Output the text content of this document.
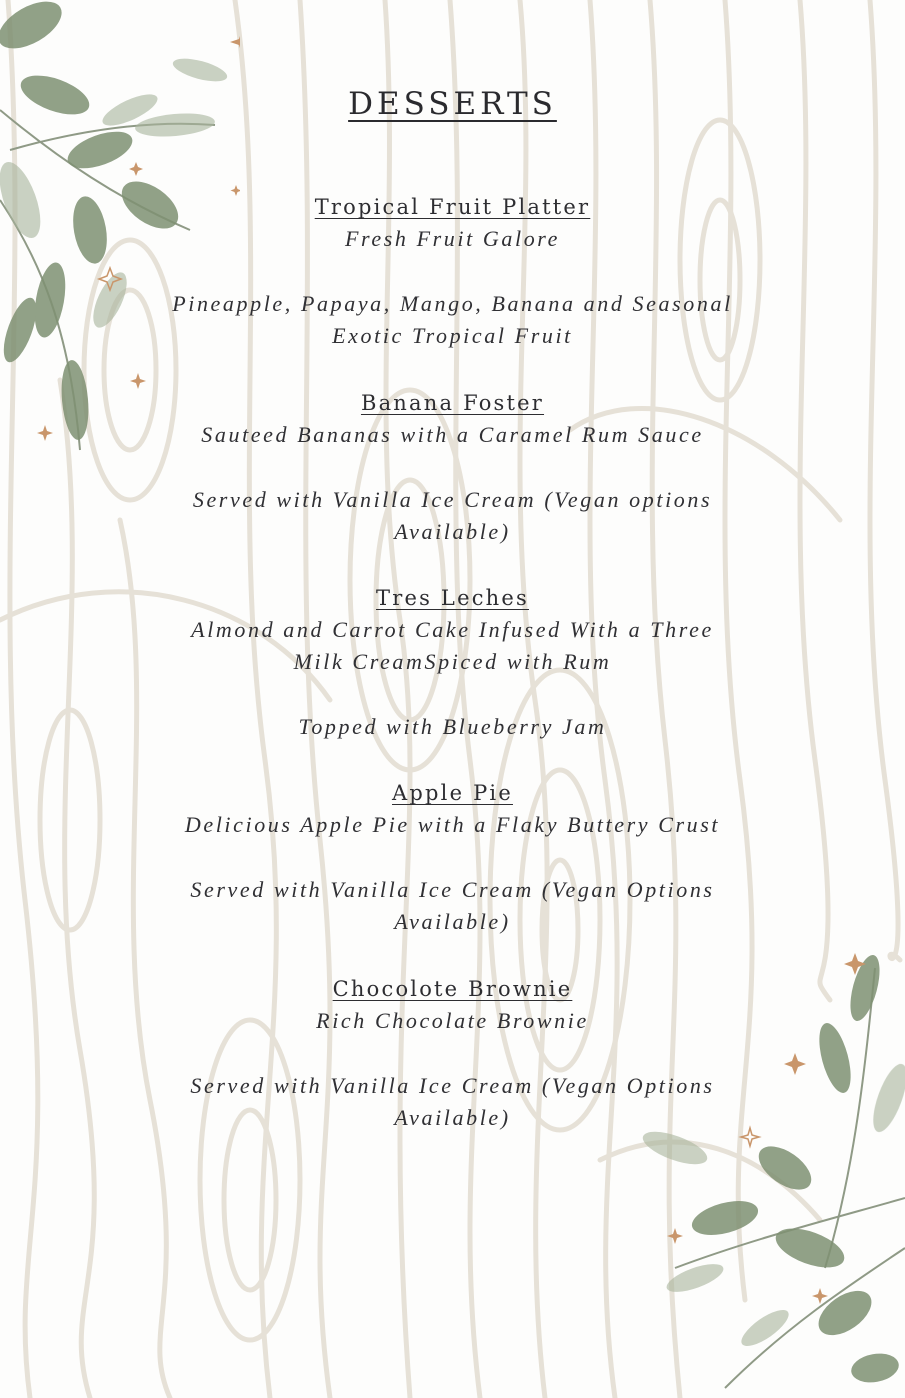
DESSERTS

Tropical Fruit Platter

Fresh Fruit Galore

Pineapple, Papaya, Mango, Banana and Seasonal

Exotic Tropical Fruit

Banana Foster

Sauteed Bananas with a Caramel Rum Sauce

Served with Vanilla Ice Cream (Vegan options

Available)

Tres Leches

Almond and Carrot Cake Infused With a Three

Milk CreamSpiced with Rum

Topped with Blueberry Jam

Apple Pie

Delicious Apple Pie with a Flaky Buttery Crust

Served with Vanilla Ice Cream (Vegan Options

Available)

Chocolote Brownie

Rich Chocolate Brownie

Served with Vanilla Ice Cream (Vegan Options

Available)
